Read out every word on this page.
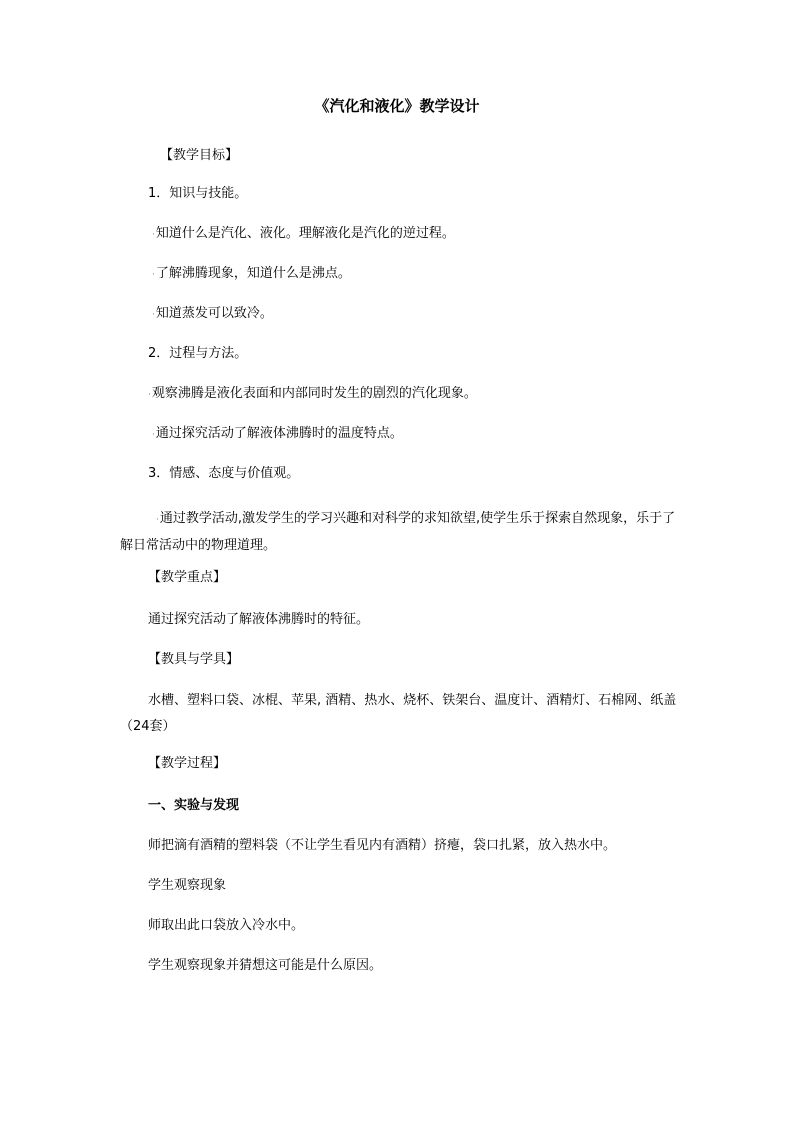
《汽化和液化》教学设计
【教学目标】
1．知识与技能。
· 知道什么是汽化、液化。理解液化是汽化的逆过程。
· 了解沸腾现象，知道什么是沸点。
· 知道蒸发可以致冷。
2．过程与方法。
· 观察沸腾是液化表面和内部同时发生的剧烈的汽化现象。
· 通过探究活动了解液体沸腾时的温度特点。
3．情感、态度与价值观。
· 通过教学活动,激发学生的学习兴趣和对科学的求知欲望,使学生乐于探索自然现象，乐于了解日常活动中的物理道理。
【教学重点】
通过探究活动了解液体沸腾时的特征。
【教具与学具】
水槽、塑料口袋、冰棍、苹果, 酒精、热水、烧杯、铁架台、温度计、酒精灯、石棉网、纸盖（24套）
【教学过程】
一、实验与发现
师把滴有酒精的塑料袋（不让学生看见内有酒精）挤瘪，袋口扎紧，放入热水中。
学生观察现象
师取出此口袋放入冷水中。
学生观察现象并猜想这可能是什么原因。
